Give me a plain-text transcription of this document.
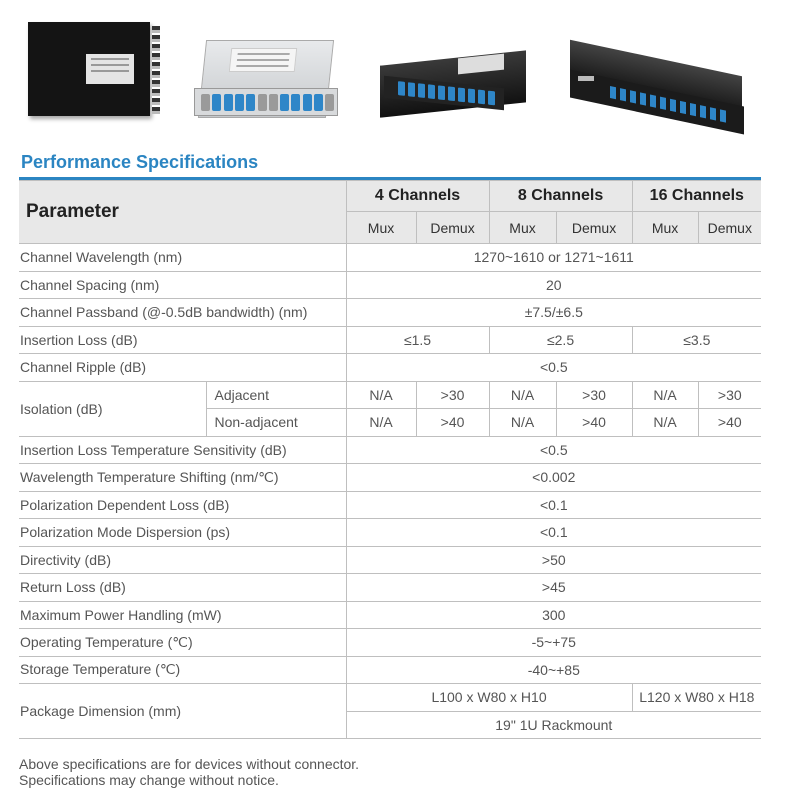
Performance Specifications
Parameter		4 Channels		8 Channels		16 Channels	
		Mux	Demux	Mux	Demux	Mux	Demux
Channel Wavelength (nm)		1270~1610 or 1271~1611					
Channel Spacing (nm)		20					
Channel Passband (@-0.5dB bandwidth) (nm)		±7.5/±6.5					
Insertion Loss (dB)		≤1.5		≤2.5		≤3.5	
Channel Ripple (dB)		<0.5					
Isolation (dB)	Adjacent	N/A	>30	N/A	>30	N/A	>30
	Non-adjacent	N/A	>40	N/A	>40	N/A	>40
Insertion Loss Temperature Sensitivity (dB)		<0.5					
Wavelength Temperature Shifting (nm/℃)		<0.002					
Polarization Dependent Loss (dB)		<0.1					
Polarization Mode Dispersion (ps)		<0.1					
Directivity (dB)		>50					
Return Loss (dB)		>45					
Maximum Power Handling (mW)		300					
Operating Temperature (℃)		-5~+75					
Storage Temperature (℃)		-40~+85					
Package Dimension (mm)		L100 x W80 x H10				L120 x W80 x H18	
		19" 1U Rackmount					
Above specifications are for devices without connector.
Specifications may change without notice.
